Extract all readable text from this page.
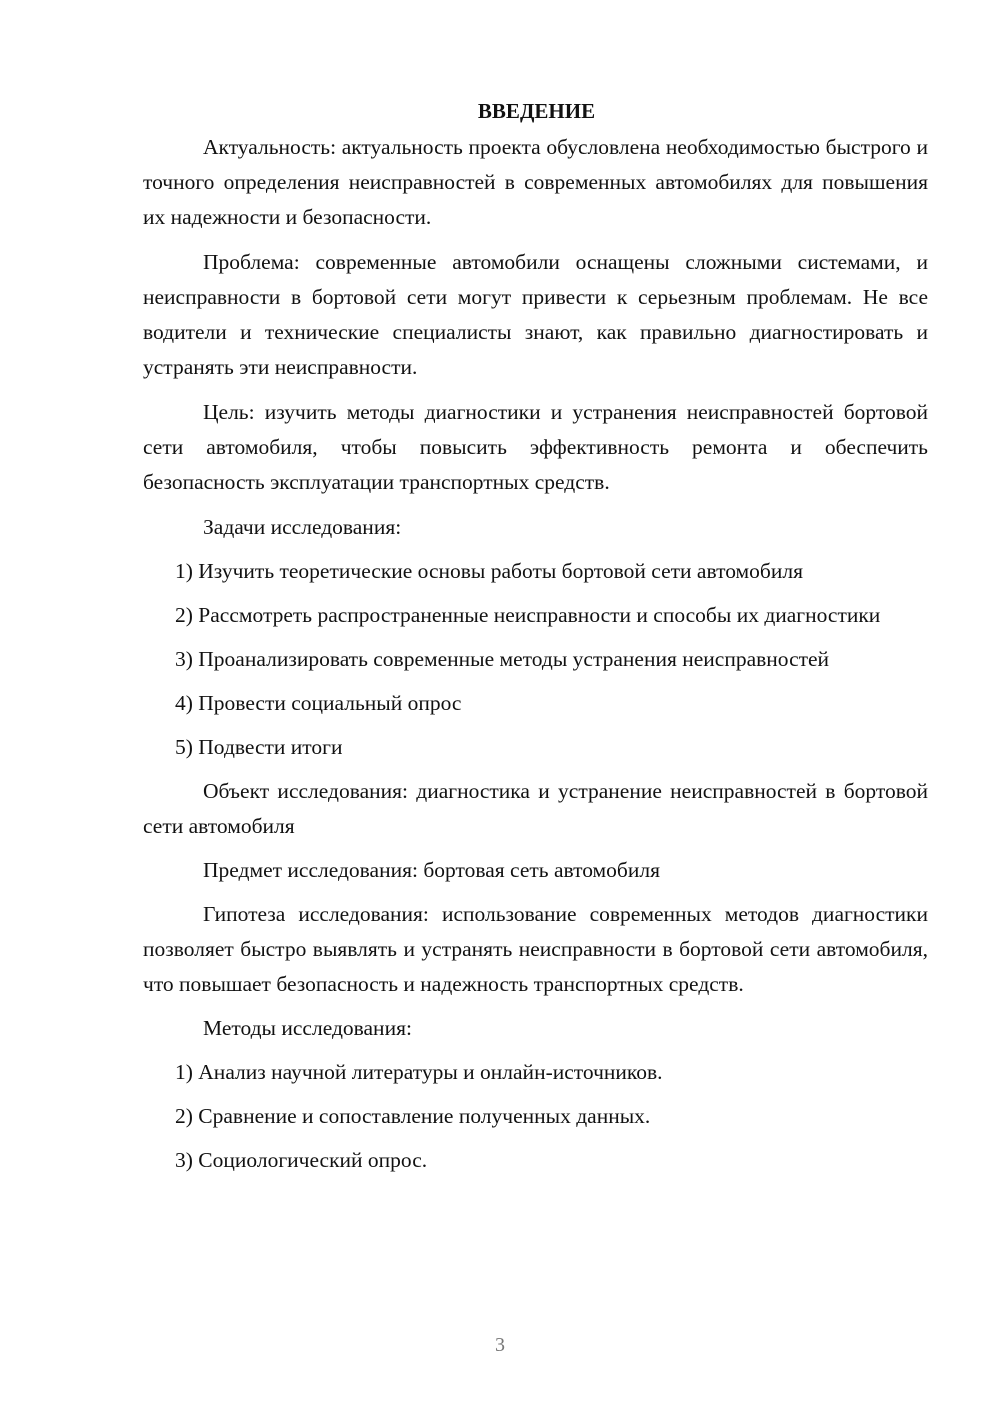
ВВЕДЕНИЕ

Актуальность: актуальность проекта обусловлена необходимостью быстрого и точного определения неисправностей в современных автомобилях для повышения их надежности и безопасности.

Проблема: современные автомобили оснащены сложными системами, и неисправности в бортовой сети могут привести к серьезным проблемам. Не все водители и технические специалисты знают, как правильно диагностировать и устранять эти неисправности.

Цель: изучить методы диагностики и устранения неисправностей бортовой сети автомобиля, чтобы повысить эффективность ремонта и обеспечить безопасность эксплуатации транспортных средств.

Задачи исследования:

1) Изучить теоретические основы работы бортовой сети автомобиля

2) Рассмотреть распространенные неисправности и способы их диагностики

3) Проанализировать современные методы устранения неисправностей

4) Провести социальный опрос

5) Подвести итоги

Объект исследования: диагностика и устранение неисправностей в бортовой сети автомобиля

Предмет исследования: бортовая сеть автомобиля

Гипотеза исследования: использование современных методов диагностики позволяет быстро выявлять и устранять неисправности в бортовой сети автомобиля, что повышает безопасность и надежность транспортных средств.

Методы исследования:

1) Анализ научной литературы и онлайн-источников.

2) Сравнение и сопоставление полученных данных.

3) Социологический опрос.

3
